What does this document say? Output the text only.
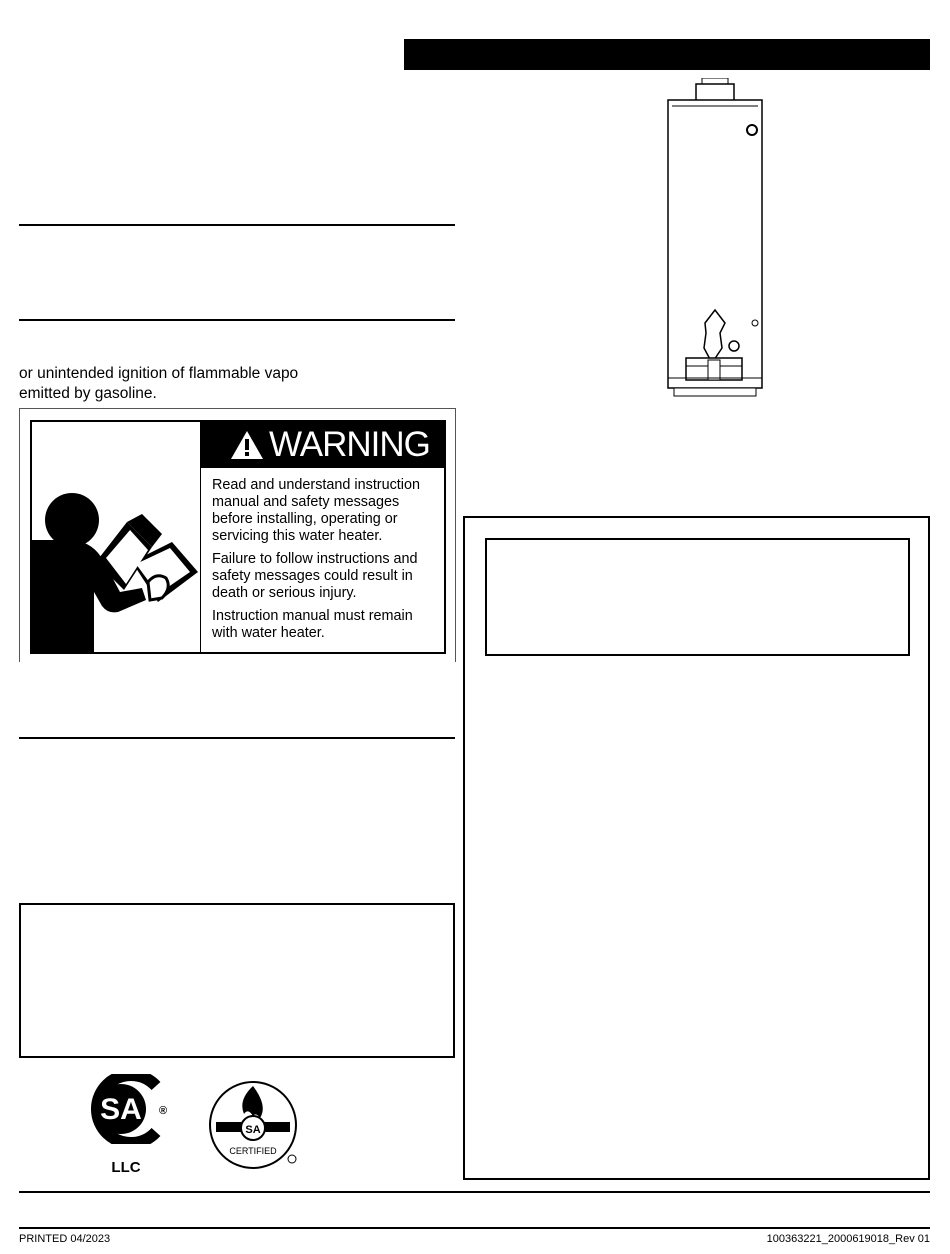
or unintended ignition of flammable vapo
emitted by gasoline.
WARNING

Read and understand instruction manual and safety messages before installing, operating or servicing this water heater.

Failure to follow instructions and safety messages could result in death or serious injury.

Instruction manual must remain with water heater.

SA ®
LLC
SA
CERTIFIED
PRINTED 04/2023	100363221_2000619018_Rev 01
